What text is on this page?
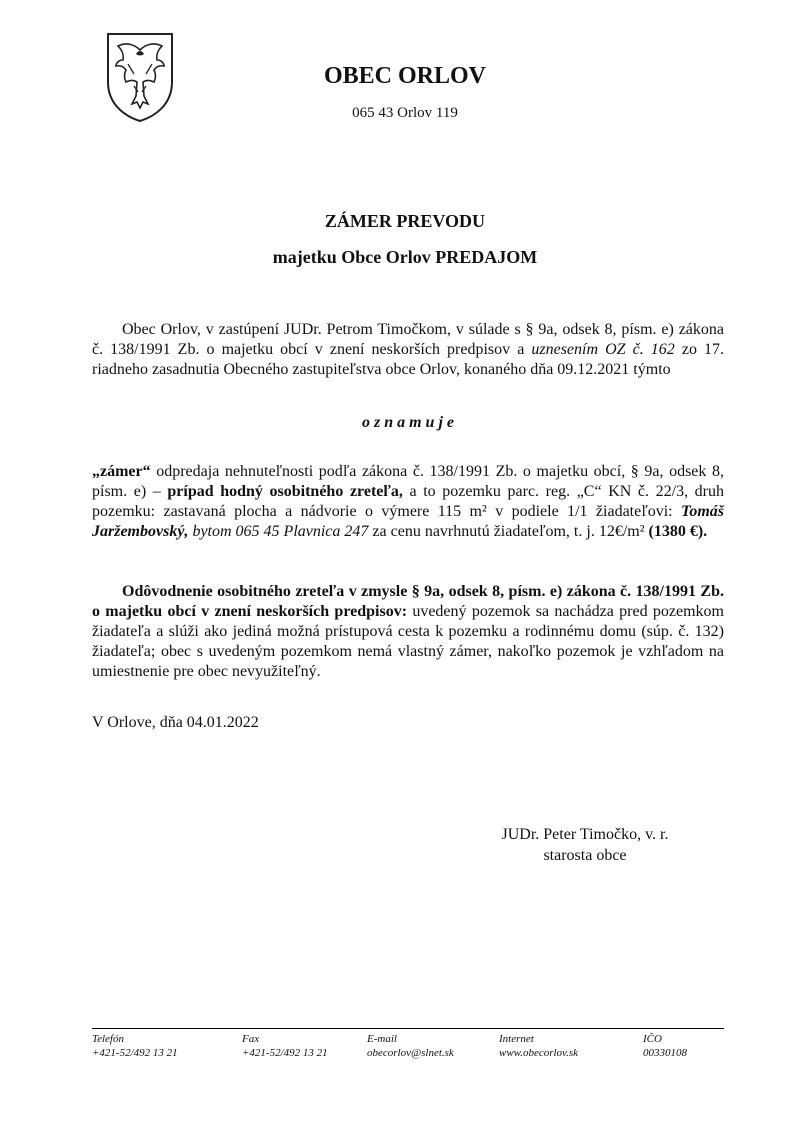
OBEC ORLOV
065 43 Orlov 119
ZÁMER PREVODU
majetku Obce Orlov PREDAJOM
Obec Orlov, v zastúpení JUDr. Petrom Timočkom, v súlade s § 9a, odsek 8, písm. e) zákona č. 138/1991 Zb. o majetku obcí v znení neskorších predpisov a uznesením OZ č. 162 zo 17. riadneho zasadnutia Obecného zastupiteľstva obce Orlov, konaného dňa 09.12.2021 týmto
oznamuje
„zámer“ odpredaja nehnuteľnosti podľa zákona č. 138/1991 Zb. o majetku obcí, § 9a, odsek 8, písm. e) – prípad hodný osobitného zreteľa, a to pozemku parc. reg. „C“ KN č. 22/3, druh pozemku: zastavaná plocha a nádvorie o výmere 115 m² v podiele 1/1 žiadateľovi: Tomáš Jaržembovský, bytom 065 45 Plavnica 247 za cenu navrhnutú žiadateľom, t. j. 12€/m² (1380 €).
Odôvodnenie osobitného zreteľa v zmysle § 9a, odsek 8, písm. e) zákona č. 138/1991 Zb. o majetku obcí v znení neskorších predpisov: uvedený pozemok sa nachádza pred pozemkom žiadateľa a slúži ako jediná možná prístupová cesta k pozemku a rodinnému domu (súp. č. 132) žiadateľa; obec s uvedeným pozemkom nemá vlastný zámer, nakoľko pozemok je vzhľadom na umiestnenie pre obec nevyužiteľný.
V Orlove, dňa 04.01.2022
JUDr. Peter Timočko, v. r.
starosta obce
Telefón
+421-52/492 13 21
Fax
+421-52/492 13 21
E-mail
obecorlov@slnet.sk
Internet
www.obecorlov.sk
IČO
00330108
